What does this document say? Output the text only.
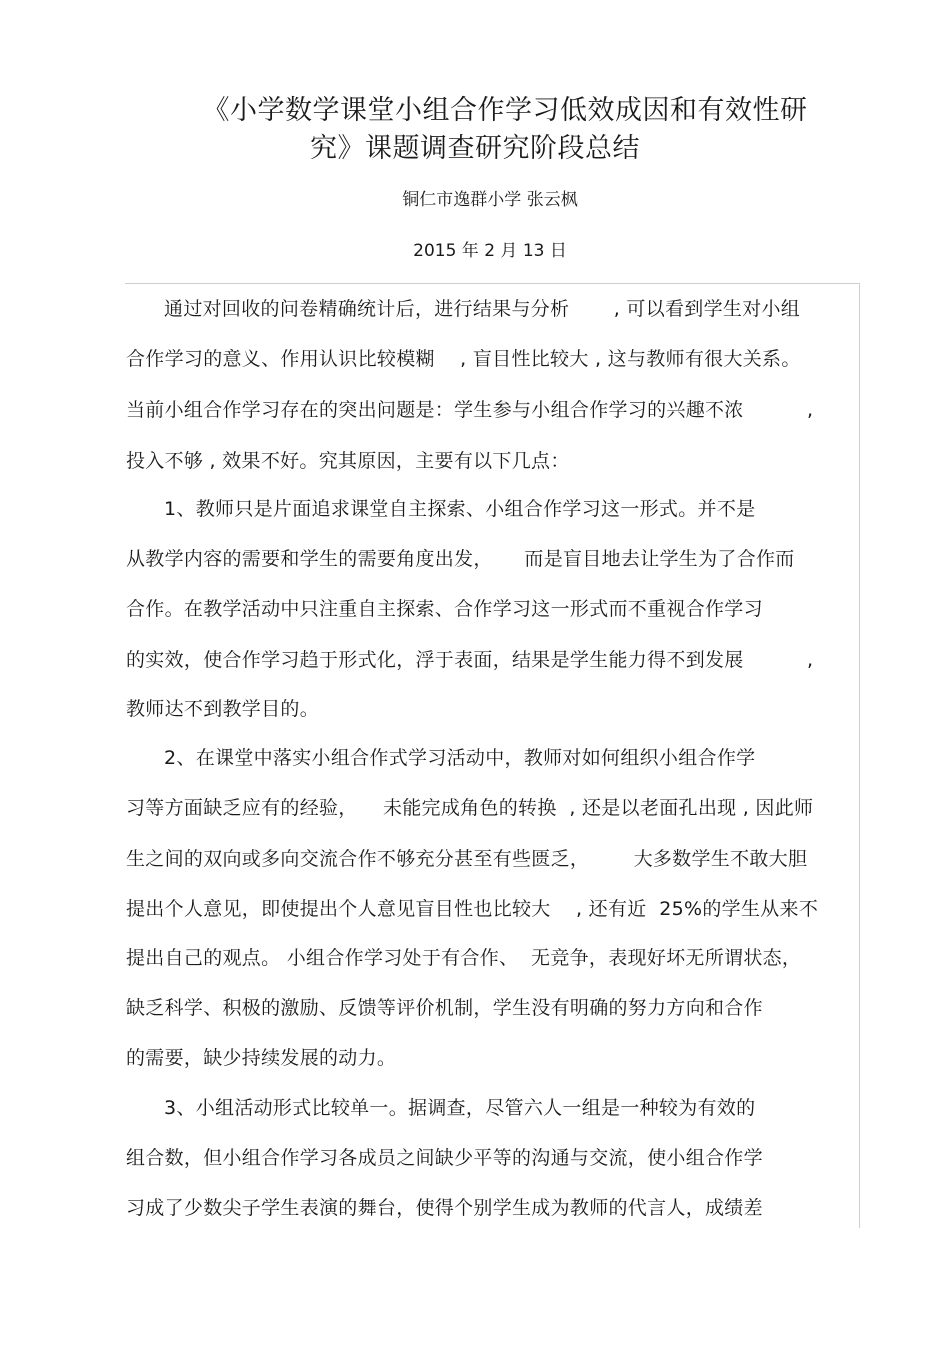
《小学数学课堂小组合作学习低效成因和有效性研
究》课题调查研究阶段总结
铜仁市逸群小学 张云枫
2015 年 2 月 13 日
通过对回收的问卷精确统计后，进行结果与分析       , 可以看到学生对小组
合作学习的意义、作用认识比较模糊    , 盲目性比较大 , 这与教师有很大关系。
当前小组合作学习存在的突出问题是：学生参与小组合作学习的兴趣不浓          ,
投入不够 , 效果不好。究其原因，主要有以下几点：
1、教师只是片面追求课堂自主探索、小组合作学习这一形式。并不是
从教学内容的需要和学生的需要角度出发，     而是盲目地去让学生为了合作而
合作。在教学活动中只注重自主探索、合作学习这一形式而不重视合作学习
的实效，使合作学习趋于形式化，浮于表面，结果是学生能力得不到发展          ,
教师达不到教学目的。
2、在课堂中落实小组合作式学习活动中，教师对如何组织小组合作学
习等方面缺乏应有的经验，    未能完成角色的转换  , 还是以老面孔出现 , 因此师
生之间的双向或多向交流合作不够充分甚至有些匮乏，       大多数学生不敢大胆
提出个人意见，即使提出个人意见盲目性也比较大    , 还有近  25%的学生从来不
提出自己的观点。 小组合作学习处于有合作、  无竞争，表现好坏无所谓状态，
缺乏科学、积极的激励、反馈等评价机制，学生没有明确的努力方向和合作
的需要，缺少持续发展的动力。
3、小组活动形式比较单一。据调查，尽管六人一组是一种较为有效的
组合数，但小组合作学习各成员之间缺少平等的沟通与交流，使小组合作学
习成了少数尖子学生表演的舞台，使得个别学生成为教师的代言人，成绩差
